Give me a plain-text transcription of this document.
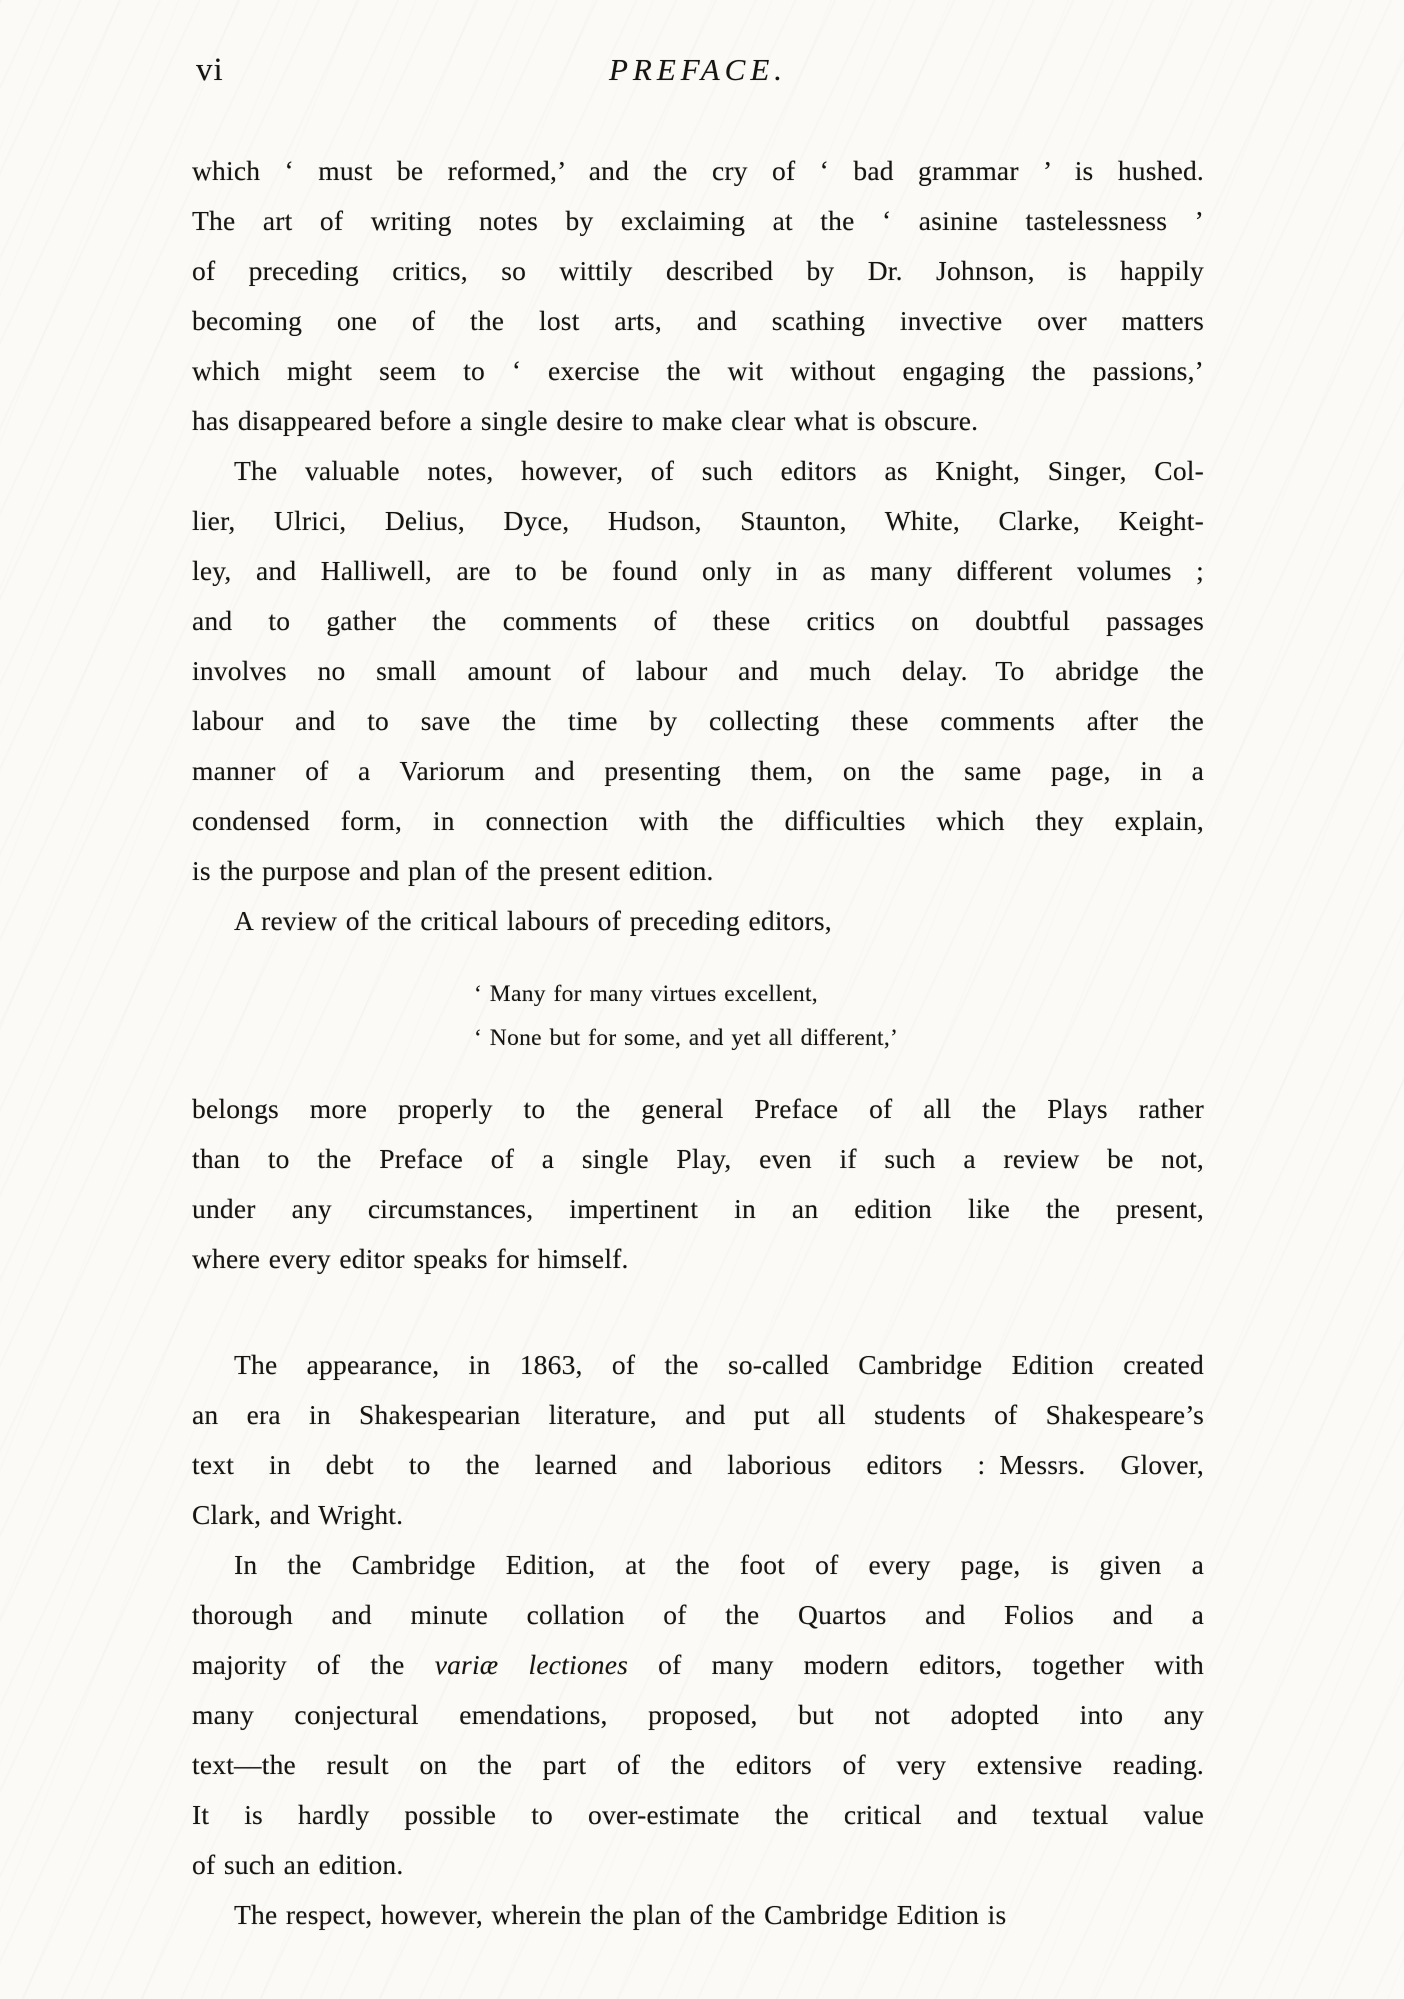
vi	PREFACE.
which ‘ must be reformed,’ and the cry of ‘ bad grammar ’ is hushed.
The art of writing notes by exclaiming at the ‘ asinine tastelessness ’
of preceding critics, so wittily described by Dr. Johnson, is happily
becoming one of the lost arts, and scathing invective over matters
which might seem to ‘ exercise the wit without engaging the passions,’
has disappeared before a single desire to make clear what is obscure.
The valuable notes, however, of such editors as Knight, Singer, Col-
lier, Ulrici, Delius, Dyce, Hudson, Staunton, White, Clarke, Keight-
ley, and Halliwell, are to be found only in as many different volumes ;
and to gather the comments of these critics on doubtful passages
involves no small amount of labour and much delay. To abridge the
labour and to save the time by collecting these comments after the
manner of a Variorum and presenting them, on the same page, in a
condensed form, in connection with the difficulties which they explain,
is the purpose and plan of the present edition.
A review of the critical labours of preceding editors,
‘ Many for many virtues excellent,
‘ None but for some, and yet all different,’
belongs more properly to the general Preface of all the Plays rather
than to the Preface of a single Play, even if such a review be not,
under any circumstances, impertinent in an edition like the present,
where every editor speaks for himself.
The appearance, in 1863, of the so-called Cambridge Edition created
an era in Shakespearian literature, and put all students of Shakespeare’s
text in debt to the learned and laborious editors : Messrs. Glover,
Clark, and Wright.
In the Cambridge Edition, at the foot of every page, is given a
thorough and minute collation of the Quartos and Folios and a
majority of the variæ lectiones of many modern editors, together with
many conjectural emendations, proposed, but not adopted into any
text—the result on the part of the editors of very extensive reading.
It is hardly possible to over-estimate the critical and textual value
of such an edition.
The respect, however, wherein the plan of the Cambridge Edition is
